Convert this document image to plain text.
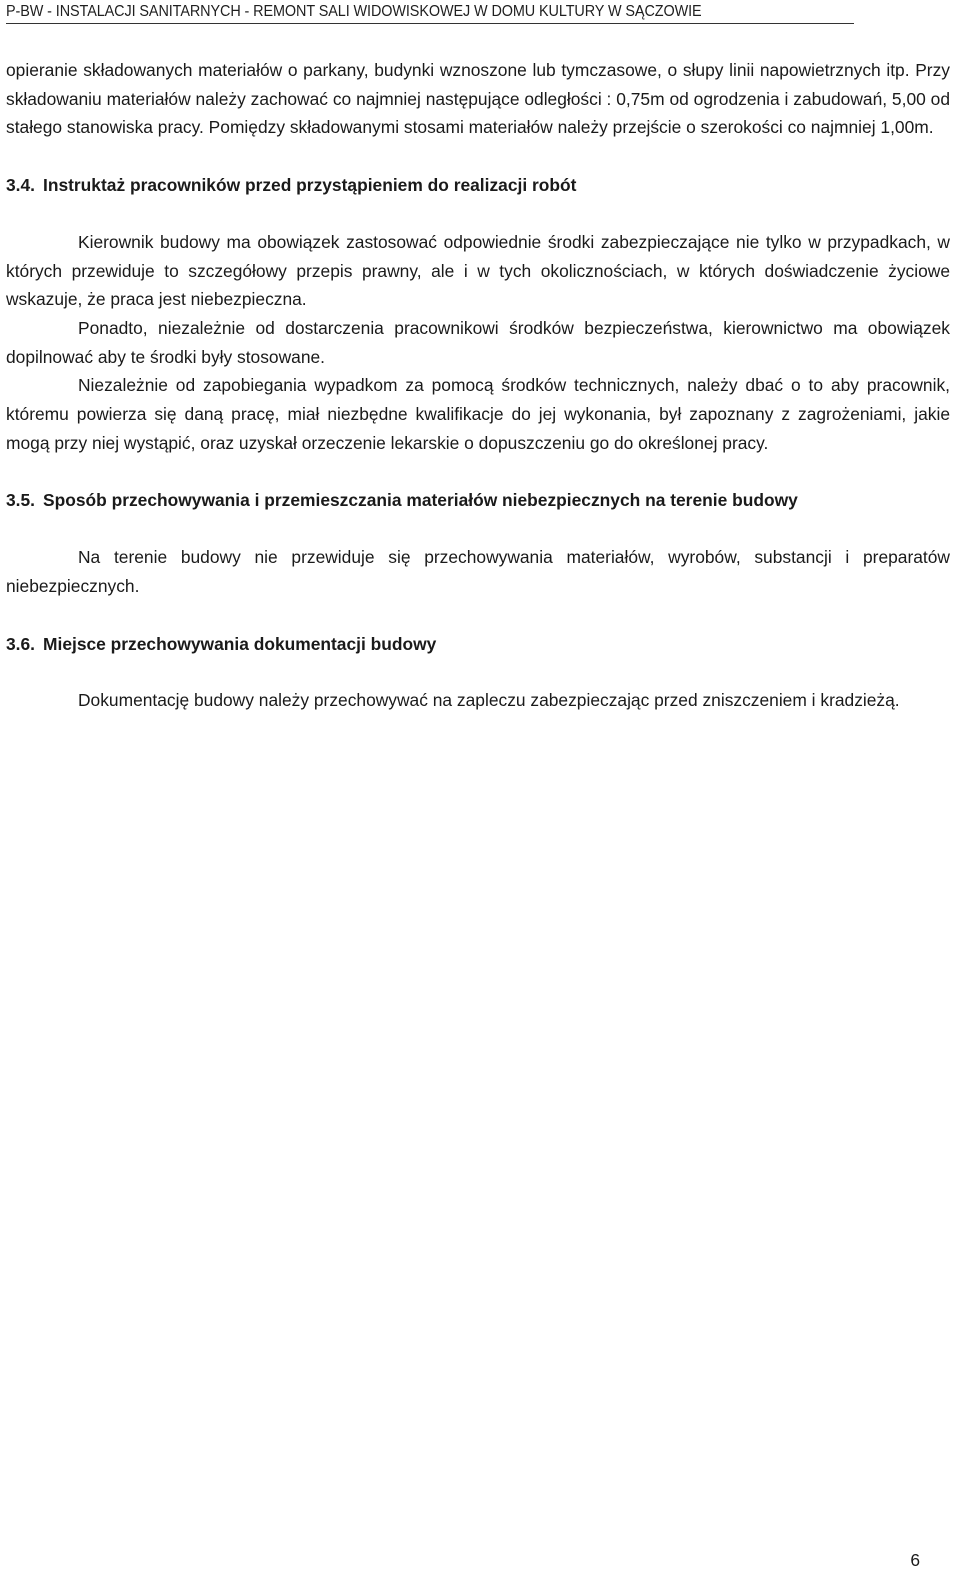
P-BW - INSTALACJI SANITARNYCH - REMONT SALI WIDOWISKOWEJ W DOMU KULTURY W SĄCZOWIE

opieranie składowanych materiałów o parkany, budynki wznoszone lub tymczasowe, o słupy linii napowietrznych itp. Przy składowaniu materiałów należy zachować co najmniej następujące odległości : 0,75m od ogrodzenia i zabudowań, 5,00 od stałego stanowiska pracy. Pomiędzy składowanymi stosami materiałów należy przejście o szerokości co najmniej 1,00m.

3.4. Instruktaż pracowników przed przystąpieniem do realizacji robót

Kierownik budowy ma obowiązek zastosować odpowiednie środki zabezpieczające nie tylko w przypadkach, w których przewiduje to szczegółowy przepis prawny, ale i w tych okolicznościach, w których doświadczenie życiowe wskazuje, że praca jest niebezpieczna.

Ponadto, niezależnie od dostarczenia pracownikowi środków bezpieczeństwa, kierownictwo ma obowiązek dopilnować aby te środki były stosowane.

Niezależnie od zapobiegania wypadkom za pomocą środków technicznych, należy dbać o to aby pracownik, któremu powierza się daną pracę, miał niezbędne kwalifikacje do jej wykonania, był zapoznany z zagrożeniami, jakie mogą przy niej wystąpić, oraz uzyskał orzeczenie lekarskie o dopuszczeniu go do określonej pracy.

3.5. Sposób przechowywania i przemieszczania materiałów niebezpiecznych na terenie budowy

Na terenie budowy nie przewiduje się przechowywania materiałów, wyrobów, substancji i preparatów niebezpiecznych.

3.6. Miejsce przechowywania dokumentacji budowy

Dokumentację budowy należy przechowywać na zapleczu zabezpieczając przed zniszczeniem i kradzieżą.

6
